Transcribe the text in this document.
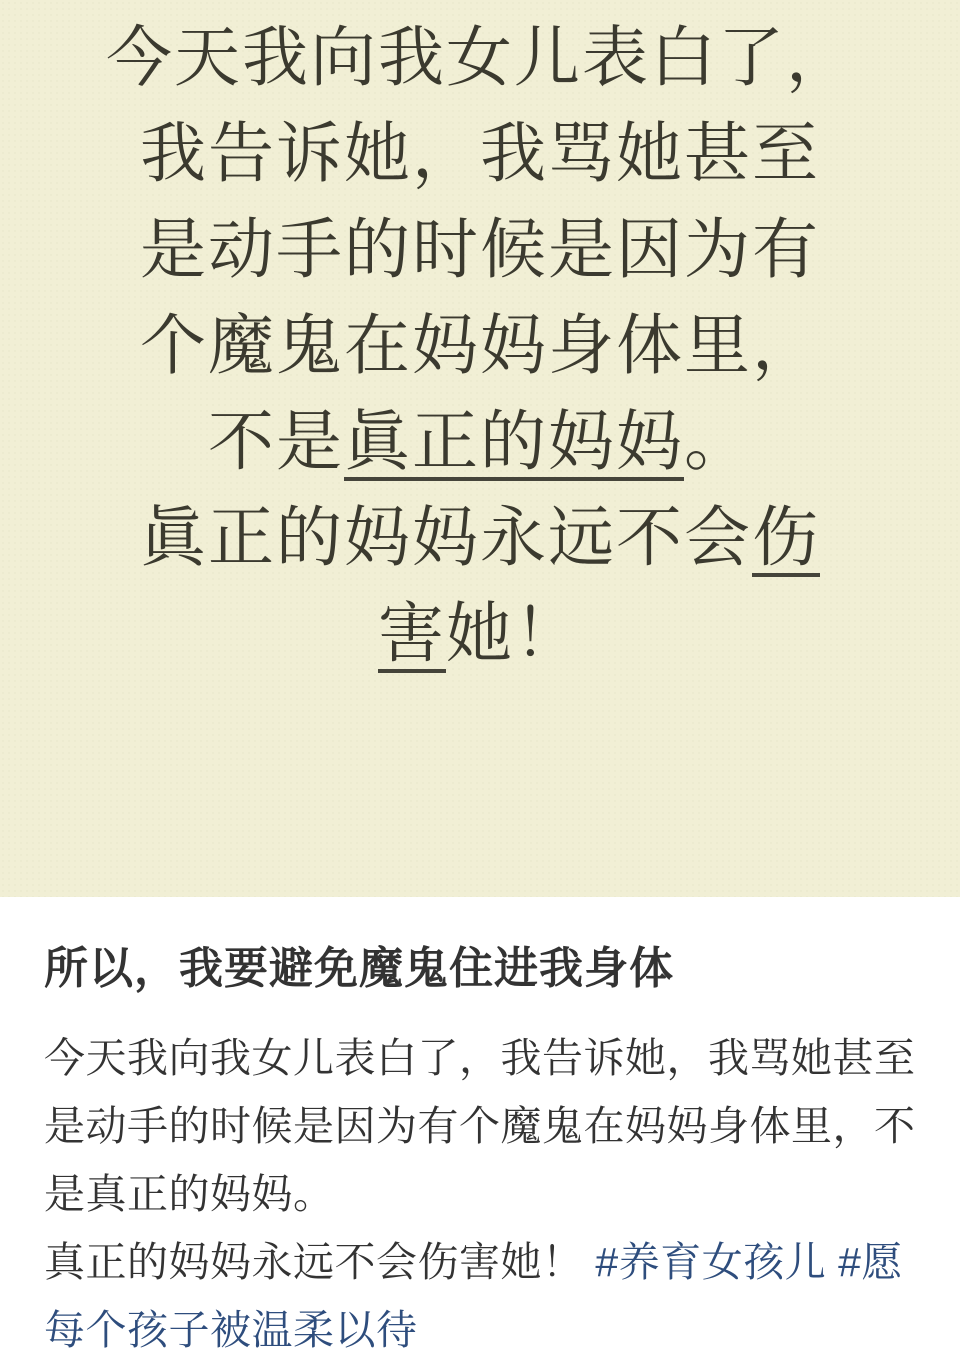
今天我向我女儿表白了，
我告诉她，我骂她甚至
是动手的时候是因为有
个魔鬼在妈妈身体里，
不是眞正的妈妈。
眞正的妈妈永远不会伤
害她！
所以，我要避免魔鬼住进我身体

今天我向我女儿表白了，我告诉她，我骂她甚至是动手的时候是因为有个魔鬼在妈妈身体里，不是真正的妈妈。

真正的妈妈永远不会伤害她！ #养育女孩儿 #愿每个孩子被温柔以待
